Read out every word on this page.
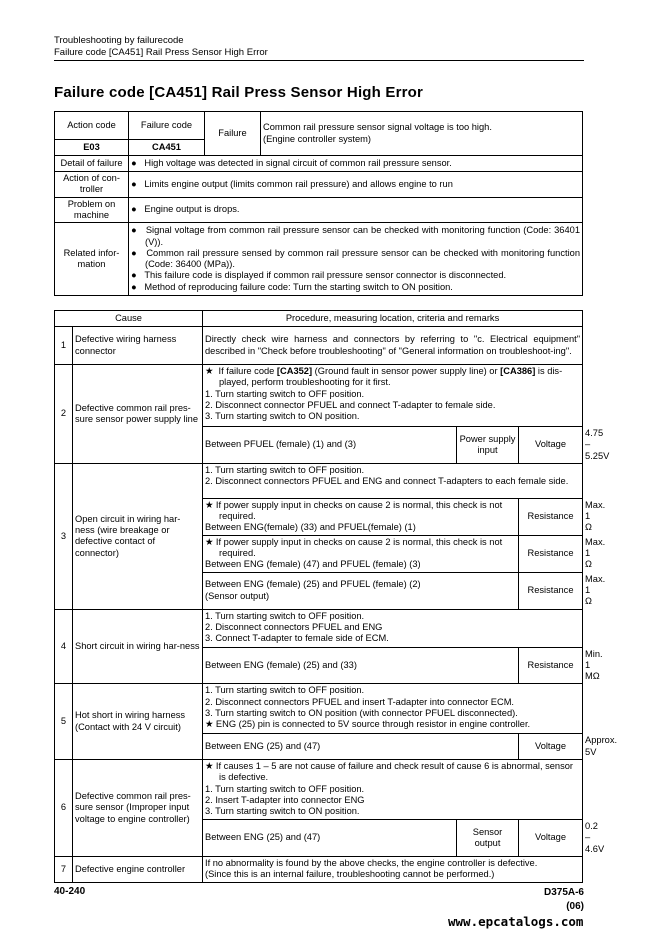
Troubleshooting by failurecode
Failure code [CA451] Rail Press Sensor High Error
Failure code [CA451] Rail Press Sensor High Error
Action code	Failure code	Failure	Common rail pressure sensor signal voltage is too high.
(Engine controller system)

E03	CA451		
Detail of failure	●   High voltage was detected in signal circuit of common rail pressure sensor.		

Action of con-troller	●   Limits engine output (limits common rail pressure) and allows engine to run		

Problem on machine	●   Engine output is drops.		

Related infor-mation	●   Signal voltage from common rail pressure sensor can be checked with monitoring function (Code: 36401 (V)).
●   Common rail pressure sensed by common rail pressure sensor can be checked with monitoring function (Code: 36400 (MPa)).
●   This failure code is displayed if common rail pressure sensor connector is disconnected.
●   Method of reproducing failure code: Turn the starting switch to ON position.		
Cause		Procedure, measuring location, criteria and remarks			
1	Defective wiring harness connector	Directly check wire harness and connectors by referring to "c. Electrical equipment" described in "Check before troubleshooting" of "General information on troubleshoot-ing".			
2	Defective common rail pres-sure sensor power supply line	★ If failure code [CA352] (Ground fault in sensor power supply line) or [CA386] is dis-played, perform troubleshooting for it first.
1. Turn starting switch to OFF position.
2. Disconnect connector PFUEL and connect T-adapter to female side.
3. Turn starting switch to ON position.			

		Between PFUEL (female) (1) and (3)	Power supply input	Voltage	4.75 – 5.25V
3	Open circuit in wiring har-ness (wire breakage or defective contact of connector)	1. Turn starting switch to OFF position.
2. Disconnect connectors PFUEL and ENG and connect T-adapters to each female side.			

		★ If power supply input in checks on cause 2 is normal, this check is not required.
Between ENG(female) (33) and PFUEL(female) (1)		Resistance	Max. 1 Ω

		★ If power supply input in checks on cause 2 is normal, this check is not required.
Between ENG (female) (47) and PFUEL (female) (3)		Resistance	Max. 1 Ω

		Between ENG (female) (25) and PFUEL (female) (2)
(Sensor output)		Resistance	Max. 1 Ω
4	Short circuit in wiring har-ness	1. Turn starting switch to OFF position.
2. Disconnect connectors PFUEL and ENG
3. Connect T-adapter to female side of ECM.			

		Between ENG (female) (25) and (33)		Resistance	Min. 1 MΩ
5	Hot short in wiring harness (Contact with 24 V circuit)	1. Turn starting switch to OFF position.
2. Disconnect connectors PFUEL and insert T-adapter into connector ECM.
3. Turn starting switch to ON position (with connector PFUEL disconnected).
★ ENG (25) pin is connected to 5V source through resistor in engine controller.			

		Between ENG (25) and (47)		Voltage	Approx. 5V
6	Defective common rail pres-sure sensor (Improper input voltage to engine controller)	★ If causes 1 – 5 are not cause of failure and check result of cause 6 is abnormal, sensor is defective.
1. Turn starting switch to OFF position.
2. Insert T-adapter into connector ENG
3. Turn starting switch to ON position.			

		Between ENG (25) and (47)	Sensor output	Voltage	0.2 – 4.6V
7	Defective engine controller	If no abnormality is found by the above checks, the engine controller is defective.
(Since this is an internal failure, troubleshooting cannot be performed.)			
40-240	D375A-6
(06)
www.epcatalogs.com
